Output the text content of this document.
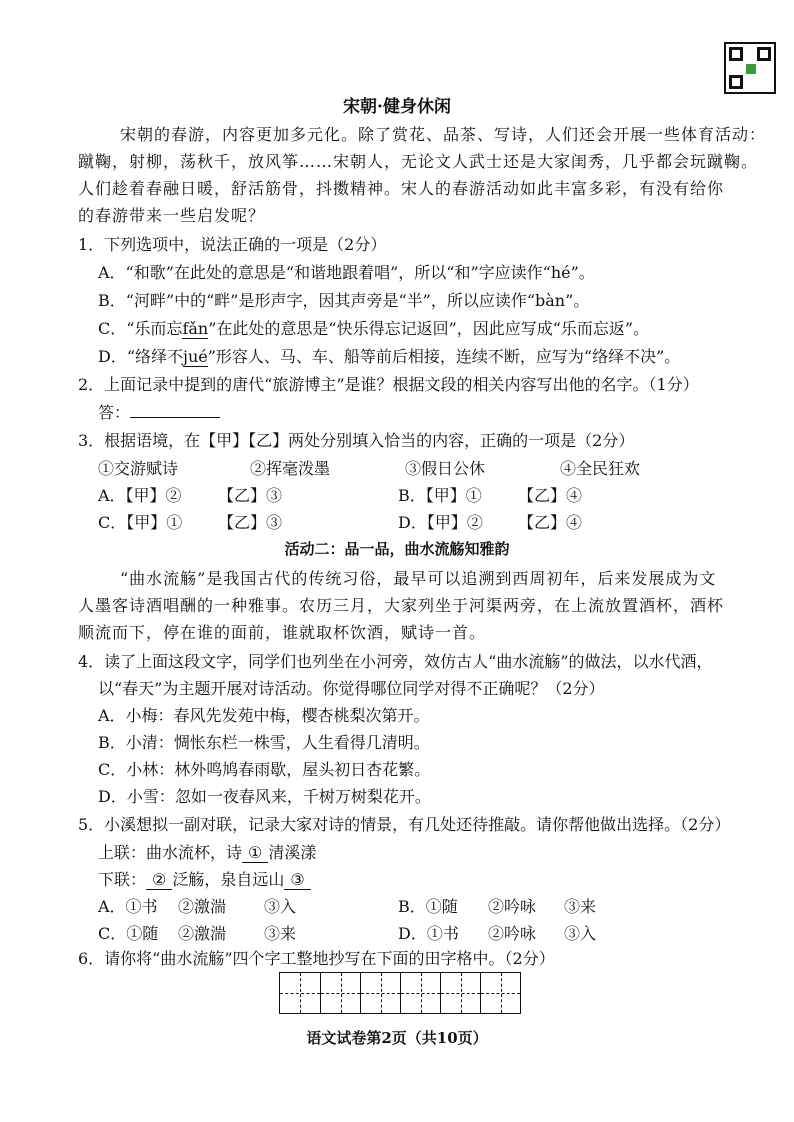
宋朝·健身休闲
宋朝的春游，内容更加多元化。除了赏花、品茶、写诗，人们还会开展一些体育活动：
蹴鞠，射柳，荡秋千，放风筝……宋朝人，无论文人武士还是大家闺秀，几乎都会玩蹴鞠。
人们趁着春融日暖，舒活筋骨，抖擞精神。宋人的春游活动如此丰富多彩，有没有给你
的春游带来一些启发呢？
1．下列选项中，说法正确的一项是（2分）
A．“和歌”在此处的意思是“和谐地跟着唱”，所以“和”字应读作“hé”。
B．“河畔”中的“畔”是形声字，因其声旁是“半”，所以应读作“bàn”。
C．“乐而忘fǎn”在此处的意思是“快乐得忘记返回”，因此应写成“乐而忘返”。
D．“络绎不jué”形容人、马、车、船等前后相接，连续不断，应写为“络绎不决”。
2．上面记录中提到的唐代“旅游博主”是谁？根据文段的相关内容写出他的名字。（1分）
答：
3．根据语境，在【甲】【乙】两处分别填入恰当的内容，正确的一项是（2分）
①交游赋诗	②挥毫泼墨	③假日公休	④全民狂欢
A．【甲】② 【乙】③	B．【甲】① 【乙】④
C．【甲】① 【乙】③	D．【甲】② 【乙】④
活动二：品一品，曲水流觞知雅韵
“曲水流觞”是我国古代的传统习俗，最早可以追溯到西周初年，后来发展成为文
人墨客诗酒唱酬的一种雅事。农历三月，大家列坐于河渠两旁，在上流放置酒杯，酒杯
顺流而下，停在谁的面前，谁就取杯饮酒，赋诗一首。
4．读了上面这段文字，同学们也列坐在小河旁，效仿古人“曲水流觞”的做法，以水代酒，
以“春天”为主题开展对诗活动。你觉得哪位同学对得不正确呢？（2分）
A．小梅：春风先发苑中梅，樱杏桃梨次第开。
B．小清：惆怅东栏一株雪，人生看得几清明。
C．小林：林外鸣鸠春雨歇，屋头初日杏花繁。
D．小雪：忽如一夜春风来，千树万树梨花开。
5．小溪想拟一副对联，记录大家对诗的情景，有几处还待推敲。请你帮他做出选择。（2分）
上联：曲水流杯，诗 ① 清溪漾
下联： ② 泛觞，泉自远山 ③
A．①书 ②激湍 ③入	B．①随 ②吟咏 ③来
C．①随 ②激湍 ③来	D．①书 ②吟咏 ③入
6．请你将“曲水流觞”四个字工整地抄写在下面的田字格中。（2分）
语文试卷第2页（共10页）
